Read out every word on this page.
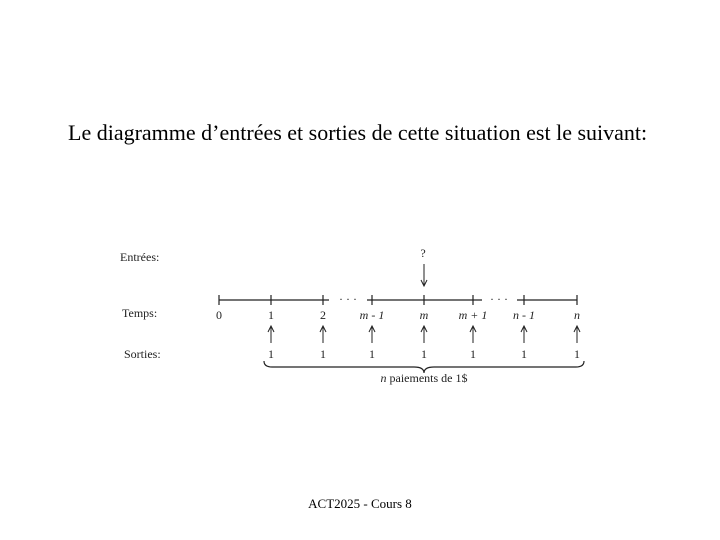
Le diagramme d’entrées et sorties de cette situation est le suivant:
Entrées:
Temps:
Sorties:
?
· · ·	· · ·
0	1
1
2
1
m - 1
1
m
1
m + 1
1
n - 1
1
n
1
n paiements de 1$
ACT2025 - Cours 8
